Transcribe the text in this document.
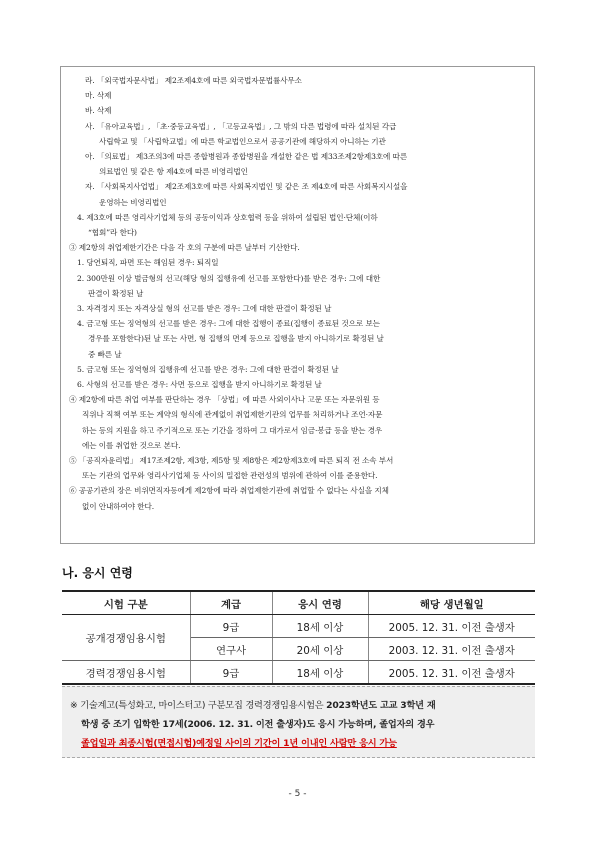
라. 「외국법자문사법」 제2조제4호에 따른 외국법자문법률사무소

마. 삭제

바. 삭제

사. 「유아교육법」, 「초·중등교육법」, 「고등교육법」, 그 밖의 다른 법령에 따라 설치된 각급

사립학교 및 「사립학교법」에 따른 학교법인으로서 공공기관에 해당하지 아니하는 기관

아. 「의료법」 제3조의3에 따른 종합병원과 종합병원을 개설한 같은 법 제33조제2항제3호에 따른

의료법인 및 같은 항 제4호에 따른 비영리법인

자. 「사회복지사업법」 제2조제3호에 따른 사회복지법인 및 같은 조 제4호에 따른 사회복지시설을

운영하는 비영리법인

4. 제3호에 따른 영리사기업체 등의 공동이익과 상호협력 등을 위하여 설립된 법인·단체(이하

“협회”라 한다)

③ 제2항의 취업제한기간은 다음 각 호의 구분에 따른 날부터 기산한다.

1. 당연퇴직, 파면 또는 해임된 경우: 퇴직일

2. 300만원 이상 벌금형의 선고(해당 형의 집행유예 선고를 포함한다)를 받은 경우: 그에 대한

판결이 확정된 날

3. 자격정지 또는 자격상실 형의 선고를 받은 경우: 그에 대한 판결이 확정된 날

4. 금고형 또는 징역형의 선고를 받은 경우: 그에 대한 집행이 종료(집행이 종료된 것으로 보는

경우를 포함한다)된 날 또는 사면, 형 집행의 면제 등으로 집행을 받지 아니하기로 확정된 날

중 빠른 날

5. 금고형 또는 징역형의 집행유예 선고를 받은 경우: 그에 대한 판결이 확정된 날

6. 사형의 선고를 받은 경우: 사면 등으로 집행을 받지 아니하기로 확정된 날

④ 제2항에 따른 취업 여부를 판단하는 경우 「상법」에 따른 사외이사나 고문 또는 자문위원 등

직위나 직책 여부 또는 계약의 형식에 관계없이 취업제한기관의 업무를 처리하거나 조언·자문

하는 등의 지원을 하고 주기적으로 또는 기간을 정하여 그 대가로서 임금·봉급 등을 받는 경우

에는 이를 취업한 것으로 본다.

⑤ 「공직자윤리법」 제17조제2항, 제3항, 제5항 및 제8항은 제2항제3호에 따른 퇴직 전 소속 부서

또는 기관의 업무와 영리사기업체 등 사이의 밀접한 관련성의 범위에 관하여 이를 준용한다.

⑥ 공공기관의 장은 비위면직자등에게 제2항에 따라 취업제한기관에 취업할 수 없다는 사실을 지체

없이 안내하여야 한다.

나. 응시 연령
시험 구분	계급	응시 연령	해당 생년월일
공개경쟁임용시험	9급	18세 이상	2005. 12. 31. 이전 출생자
	연구사	20세 이상	2003. 12. 31. 이전 출생자
경력경쟁임용시험	9급	18세 이상	2005. 12. 31. 이전 출생자

※ 기술계고(특성화고, 마이스터고) 구분모집 경력경쟁임용시험은 2023학년도 고교 3학년 재

학생 중 조기 입학한 17세(2006. 12. 31. 이전 출생자)도 응시 가능하며, 졸업자의 경우

졸업일과 최종시험(면접시험)예정일 사이의 기간이 1년 이내인 사람만 응시 가능

- 5 -
